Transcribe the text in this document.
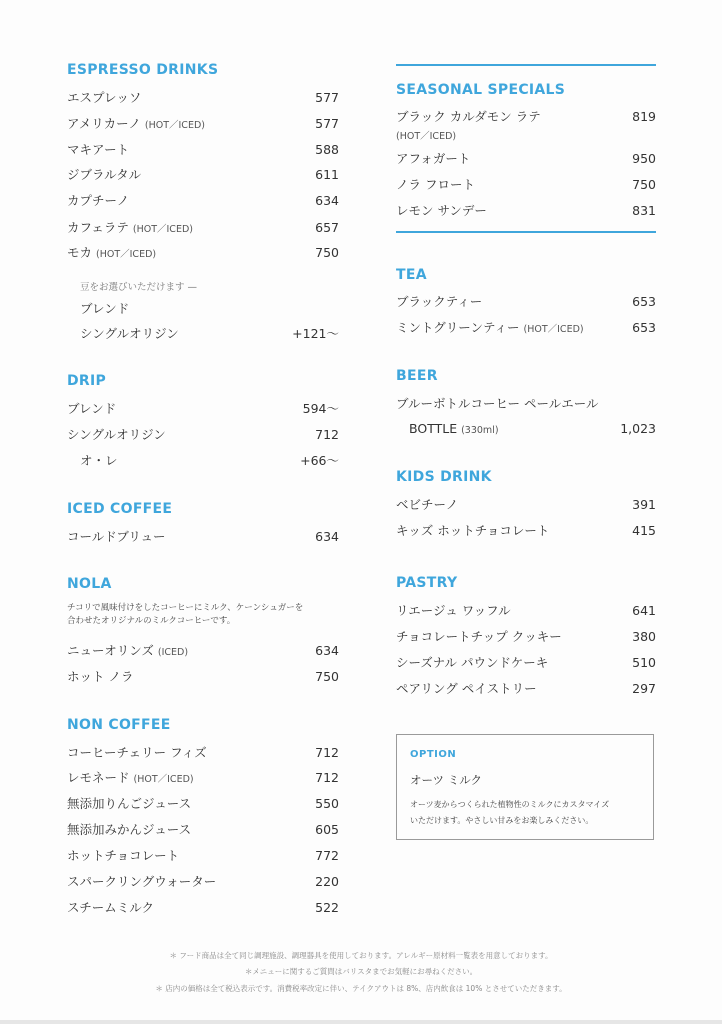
ESPRESSO DRINKS
エスプレッソ	577
アメリカーノ (HOT／ICED)	577
マキアート	588
ジブラルタル	611
カプチーノ	634
カフェラテ (HOT／ICED)	657
モカ (HOT／ICED)	750
豆をお選びいただけます —
ブレンド
シングルオリジン	+121〜
DRIP
ブレンド	594〜
シングルオリジン	712
オ・レ	+66〜
ICED COFFEE
コールドブリュー	634
NOLA
チコリで風味付けをしたコーヒーにミルク、ケーンシュガーを
合わせたオリジナルのミルクコーヒーです。
ニューオリンズ (ICED)	634
ホット ノラ	750
NON COFFEE
コーヒーチェリー フィズ	712
レモネード (HOT／ICED)	712
無添加りんごジュース	550
無添加みかんジュース	605
ホットチョコレート	772
スパークリングウォーター	220
スチームミルク	522
SEASONAL SPECIALS
ブラック カルダモン ラテ	819
(HOT／ICED)
アフォガート	950
ノラ フロート	750
レモン サンデー	831
TEA
ブラックティー	653
ミントグリーンティー (HOT／ICED)	653
BEER
ブルーボトルコーヒー ペールエール
BOTTLE (330ml)	1,023
KIDS DRINK
ベビチーノ	391
キッズ ホットチョコレート	415
PASTRY
リエージュ ワッフル	641
チョコレートチップ クッキー	380
シーズナル パウンドケーキ	510
ペアリング ペイストリー	297
OPTION
オーツ ミルク
オーツ麦からつくられた植物性のミルクにカスタマイズ
いただけます。やさしい甘みをお楽しみください。
＊ フード商品は全て同じ調理施設、調理器具を使用しております。アレルギー原材料一覧表を用意しております。
＊メニューに関するご質問はバリスタまでお気軽にお尋ねください。
＊ 店内の価格は全て税込表示です。消費税率改定に伴い、テイクアウトは 8%、店内飲食は 10% とさせていただきます。
